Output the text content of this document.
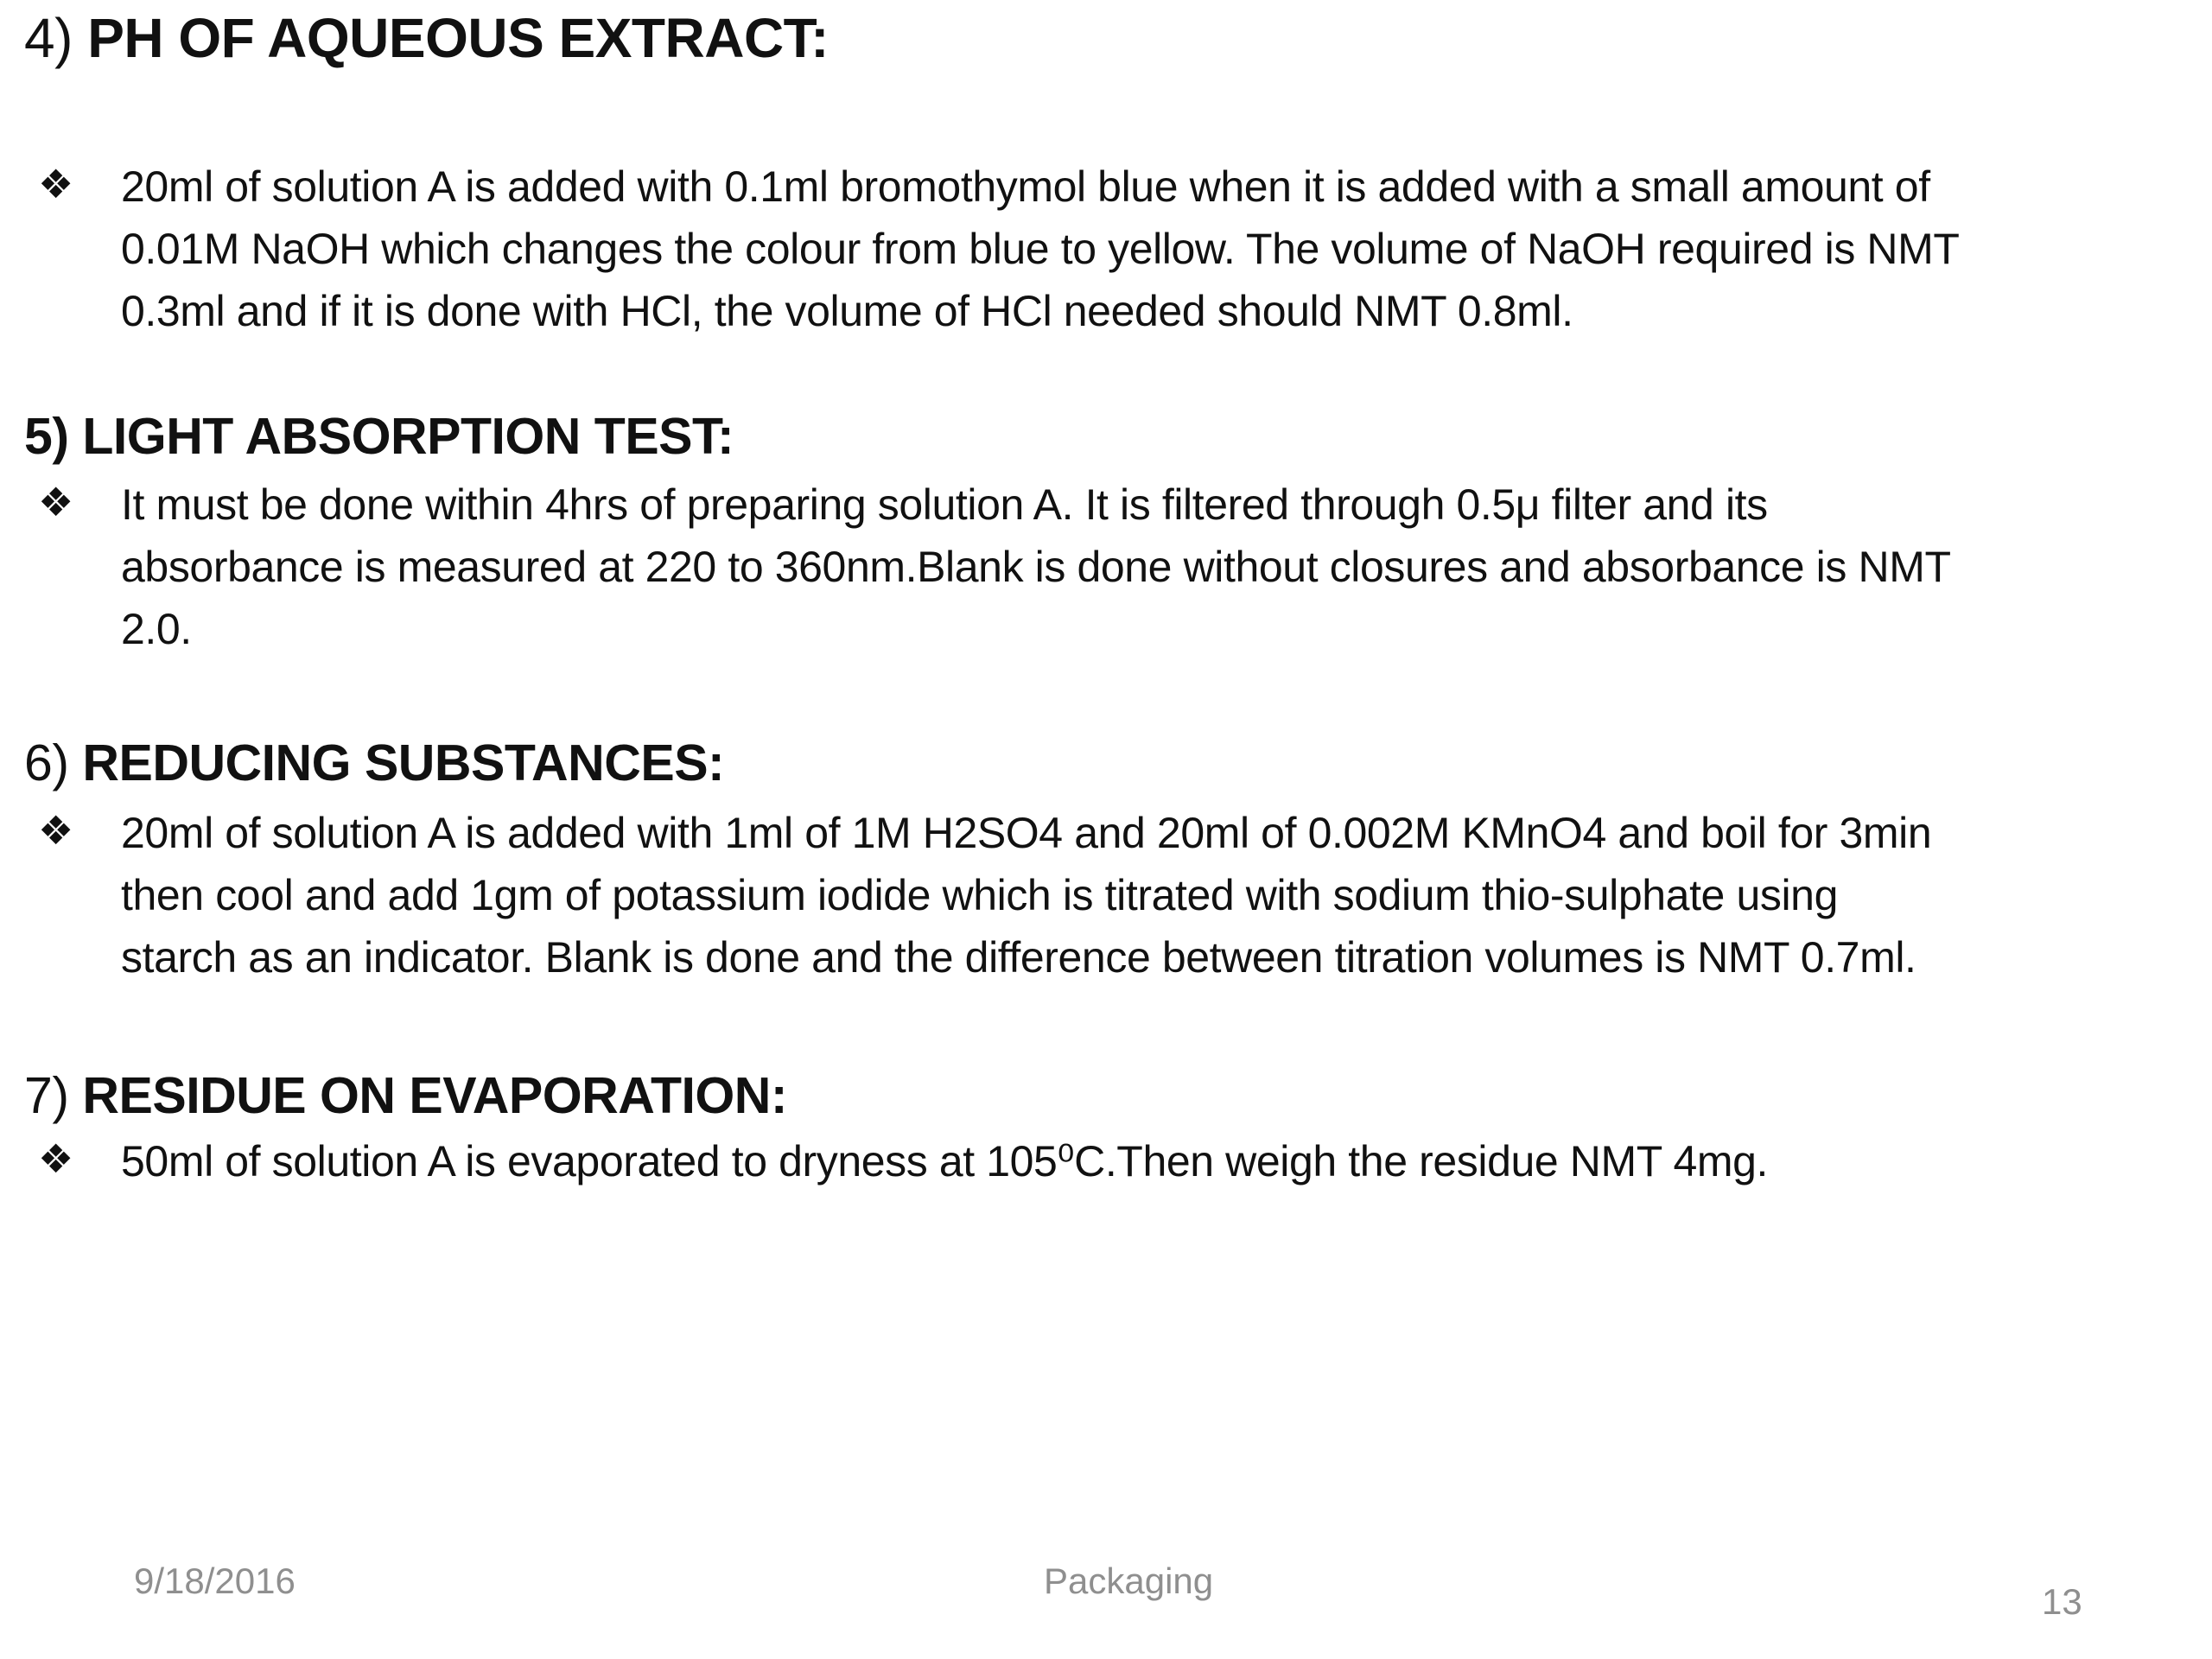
4) PH OF AQUEOUS EXTRACT:
❖ 20ml of solution A is added with 0.1ml bromothymol blue when it is added with a small amount of
0.01M NaOH which changes the colour from blue to yellow. The volume of NaOH required is NMT
0.3ml and if it is done with HCl, the volume of HCl needed should NMT 0.8ml.
5) LIGHT ABSORPTION TEST:
❖ It must be done within 4hrs of preparing solution A. It is filtered through 0.5μ filter and its
absorbance is measured at 220 to 360nm.Blank is done without closures and absorbance is NMT
2.0.
6) REDUCING SUBSTANCES:
❖ 20ml of solution A is added with 1ml of 1M H2SO4 and 20ml of 0.002M KMnO4 and boil for 3min
then cool and add 1gm of potassium iodide which is titrated with sodium thio-sulphate using
starch as an indicator. Blank is done and the difference between titration volumes is NMT 0.7ml.
7) RESIDUE ON EVAPORATION:
❖ 50ml of solution A is evaporated to dryness at 105⁰C.Then weigh the residue NMT 4mg.
9/18/2016	Packaging
13
